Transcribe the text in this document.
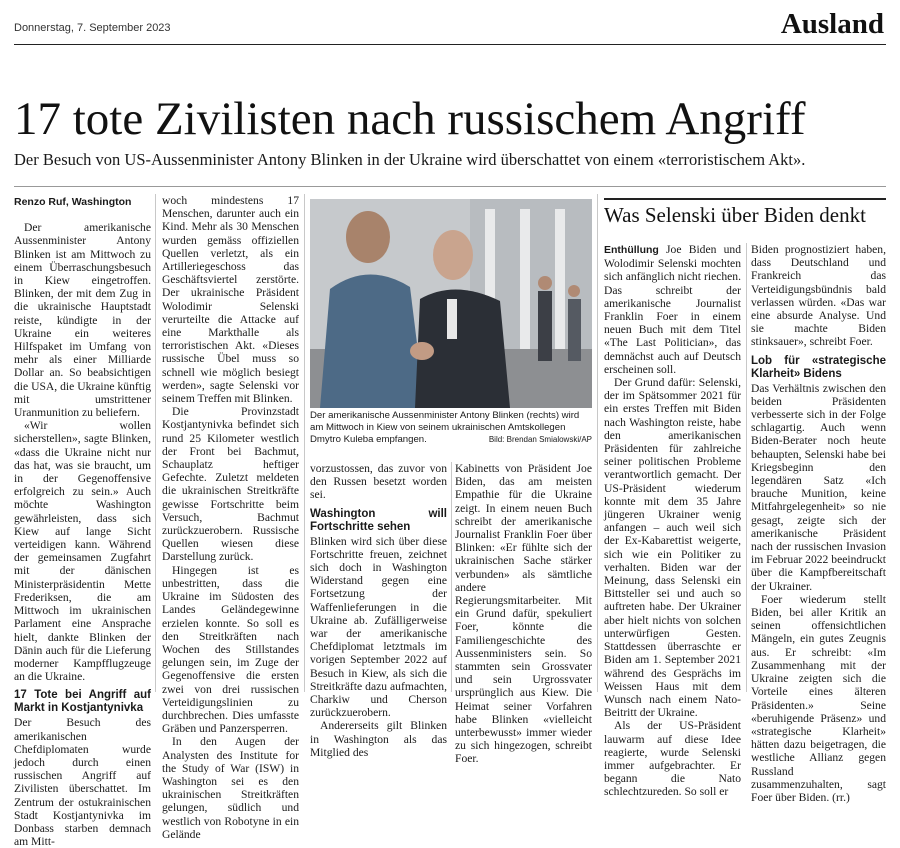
Donnerstag, 7. September 2023	Ausland
17 tote Zivilisten nach russischem Angriff
Der Besuch von US-Aussenminister Antony Blinken in der Ukraine wird überschattet von einem «terroristischem Akt».

Renzo Ruf, Washington

Der amerikanische Aussenminister Antony Blinken ist am Mittwoch zu einem Überraschungsbesuch in Kiew eingetroffen. Blinken, der mit dem Zug in die ukrainische Hauptstadt reiste, kündigte in der Ukraine ein weiteres Hilfspaket im Umfang von mehr als einer Milliarde Dollar an. So beabsichtigen die USA, die Ukraine künftig mit umstrittener Uranmunition zu beliefern.

«Wir wollen sicherstellen», sagte Blinken, «dass die Ukraine nicht nur das hat, was sie braucht, um in der Gegenoffensive erfolgreich zu sein.» Auch möchte Washington gewährleisten, dass sich Kiew auf lange Sicht verteidigen kann. Während der gemeinsamen Zugfahrt mit der dänischen Ministerpräsidentin Mette Frederiksen, die am Mittwoch im ukrainischen Parlament eine Ansprache hielt, dankte Blinken der Dänin auch für die Lieferung moderner Kampfflugzeuge an die Ukraine.

17 Tote bei Angriff auf Markt in Kostjantynivka

Der Besuch des amerikanischen Chefdiplomaten wurde jedoch durch einen russischen Angriff auf Zivilisten überschattet. Im Zentrum der ostukrainischen Stadt Kostjantynivka im Donbass starben demnach am Mitt-

woch mindestens 17 Menschen, darunter auch ein Kind. Mehr als 30 Menschen wurden gemäss offiziellen Quellen verletzt, als ein Artilleriegeschoss das Geschäftsviertel zerstörte. Der ukrainische Präsident Wolodimir Selenski verurteilte die Attacke auf eine Markthalle als terroristischen Akt. «Dieses russische Übel muss so schnell wie möglich besiegt werden», sagte Selenski vor seinem Treffen mit Blinken.

Die Provinzstadt Kostjantynivka befindet sich rund 25 Kilometer westlich der Front bei Bachmut, Schauplatz heftiger Gefechte. Zuletzt meldeten die ukrainischen Streitkräfte gewisse Fortschritte beim Versuch, Bachmut zurückzuerobern. Russische Quellen wiesen diese Darstellung zurück.

Hingegen ist es unbestritten, dass die Ukraine im Südosten des Landes Geländegewinne erzielen konnte. So soll es den Streitkräften nach Wochen des Stillstandes gelungen sein, im Zuge der Gegenoffensive die ersten zwei von drei russischen Verteidigungslinien zu durchbrechen. Dies umfasste Gräben und Panzersperren.

In den Augen der Analysten des Institute for the Study of War (ISW) in Washington sei es den ukrainischen Streitkräften gelungen, südlich und westlich von Robotyne in ein Gelände

Der amerikanische Aussenminister Antony Blinken (rechts) wird am Mittwoch in Kiew von seinem ukrainischen Amtskollegen Dmytro Kuleba empfangen.	Bild: Brendan Smialowski/AP

vorzustossen, das zuvor von den Russen besetzt worden sei.

Washington will Fortschritte sehen

Blinken wird sich über diese Fortschritte freuen, zeichnet sich doch in Washington Widerstand gegen eine Fortsetzung der Waffenlieferungen in die Ukraine ab. Zufälligerweise war der amerikanische Chefdiplomat letztmals im vorigen September 2022 auf Besuch in Kiew, als sich die Streitkräfte dazu aufmachten, Charkiw und Cherson zurückzuerobern.

Andererseits gilt Blinken in Washington als das Mitglied des

Kabinetts von Präsident Joe Biden, das am meisten Empathie für die Ukraine zeigt. In einem neuen Buch schreibt der amerikanische Journalist Franklin Foer über Blinken: «Er fühlte sich der ukrainischen Sache stärker verbunden» als sämtliche andere Regierungsmitarbeiter. Mit ein Grund dafür, spekuliert Foer, könnte die Familiengeschichte des Aussenministers sein. So stammten sein Grossvater und sein Urgrossvater ursprünglich aus Kiew. Die Heimat seiner Vorfahren habe Blinken «vielleicht unterbewusst» immer wieder zu sich hingezogen, schreibt Foer.

Was Selenski über Biden denkt

Enthüllung Joe Biden und Wolodimir Selenski mochten sich anfänglich nicht riechen. Das schreibt der amerikanische Journalist Franklin Foer in einem neuen Buch mit dem Titel «The Last Politician», das demnächst auch auf Deutsch erscheinen soll.

Der Grund dafür: Selenski, der im Spätsommer 2021 für ein erstes Treffen mit Biden nach Washington reiste, habe den amerikanischen Präsidenten für zahlreiche seiner politischen Probleme verantwortlich gemacht. Der US-Präsident wiederum konnte mit dem 35 Jahre jüngeren Ukrainer wenig anfangen – auch weil sich der Ex-Kabarettist weigerte, sich wie ein Politiker zu verhalten. Biden war der Meinung, dass Selenski ein Bittsteller sei und auch so auftreten habe. Der Ukrainer aber hielt nichts von solchen unterwürfigen Gesten. Stattdessen überraschte er Biden am 1. September 2021 während des Gesprächs im Weissen Haus mit dem Wunsch nach einem Nato-Beitritt der Ukraine.

Als der US-Präsident lauwarm auf diese Idee reagierte, wurde Selenski immer aufgebrachter. Er begann die Nato schlechtzureden. So soll er

Biden prognostiziert haben, dass Deutschland und Frankreich das Verteidigungsbündnis bald verlassen würden. «Das war eine absurde Analyse. Und sie machte Biden stinksauer», schreibt Foer.

Lob für «strategische Klarheit» Bidens

Das Verhältnis zwischen den beiden Präsidenten verbesserte sich in der Folge schlagartig. Auch wenn Biden-Berater noch heute behaupten, Selenski habe bei Kriegsbeginn den legendären Satz «Ich brauche Munition, keine Mitfahrgelegenheit» so nie gesagt, zeigte sich der amerikanische Präsident nach der russischen Invasion im Februar 2022 beeindruckt über die Kampfbereitschaft der Ukrainer.

Foer wiederum stellt Biden, bei aller Kritik an seinen offensichtlichen Mängeln, ein gutes Zeugnis aus. Er schreibt: «Im Zusammenhang mit der Ukraine zeigten sich die Vorteile eines älteren Präsidenten.» Seine «beruhigende Präsenz» und «strategische Klarheit» hätten dazu beigetragen, die westliche Allianz gegen Russland zusammenzuhalten, sagt Foer über Biden. (rr.)
